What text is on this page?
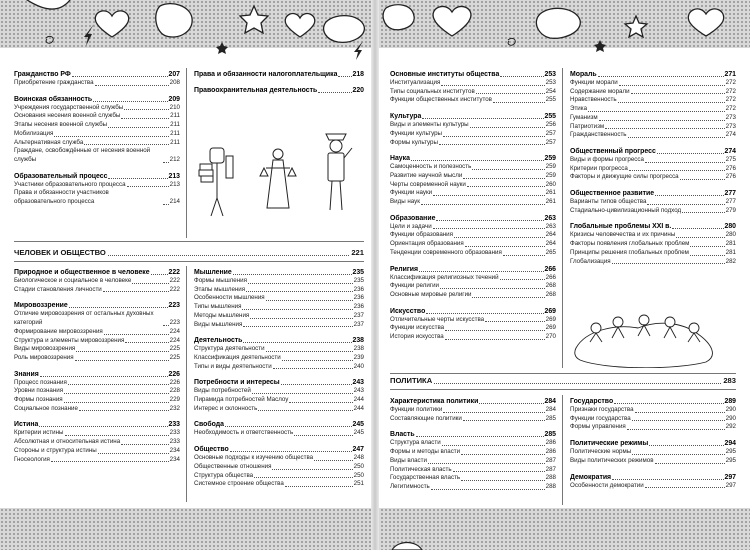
Гражданство РФ	207
Приобретение гражданства	208
Воинская обязанность	209
Учреждения государственной службы	210
Основания несения военной службы	211
Этапы несения военной службы	211
Мобилизация	211
Альтернативная служба	211
Граждане, освобождённые от несения военной службы	212
Образовательный процесс	213
Участники образовательного процесса	213
Права и обязанности участников образовательного процесса	214
Права и обязанности налогоплательщика 218
Правоохранительная деятельность	220
ЧЕЛОВЕК И ОБЩЕСТВО	221
Природное и общественное в человеке	222
Биологическое и социальное в человеке	222
Стадии становления личности	222
Мировоззрение	223
Отличие мировоззрения от остальных духовных категорий	223
Формирование мировоззрения	224
Структура и элементы мировоззрения	224
Виды мировоззрения	225
Роль мировоззрения	225
Знания	226
Процесс познания	226
Уровни познания	228
Формы познания	229
Социальное познание	232
Истина	233
Критерии истины	233
Абсолютная и относительная истина	233
Стороны и структура истины	234
Гносеология	234
Мышление	235
Формы мышления	235
Этапы мышления	236
Особенности мышления	236
Типы мышления	236
Методы мышления	237
Виды мышления	237
Деятельность	238
Структура деятельности	238
Классификация деятельности	239
Типы и виды деятельности	240
Потребности и интересы	243
Виды потребностей	243
Пирамида потребностей Маслоу	244
Интерес и склонность	244
Свобода	245
Необходимость и ответственность	245
Общество	247
Основные подходы к изучению общества	248
Общественные отношения	250
Структура общества	250
Системное строение общества	251
Основные институты общества	253
Институализация	253
Типы социальных институтов	254
Функции общественных институтов	255
Культура	255
Виды и элементы культуры	256
Функции культуры	257
Формы культуры	257
Наука	259
Самоценность и полезность	259
Развитие научной мысли	259
Черты современной науки	260
Функции науки	261
Виды наук	261
Образование	263
Цели и задачи	263
Функции образования	264
Ориентация образования	264
Тенденции современного образования	265
Религия	266
Классификация религиозных течений	266
Функции религии	268
Основные мировые религии	268
Искусство	269
Отличительные черты искусства	269
Функции искусства	269
История искусства	270
Мораль	271
Функции морали	272
Содержание морали	272
Нравственность	272
Этика	272
Гуманизм	273
Патриотизм	273
Гражданственность	274
Общественный прогресс	274
Виды и формы прогресса	275
Критерии прогресса	276
Факторы и движущие силы прогресса	276
Общественное развитие	277
Варианты типов общества	277
Стадиально-цивилизационный подход	279
Глобальные проблемы XXI в.	280
Кризисы человечества и их причины	280
Факторы появления глобальных проблем	281
Принципы решения глобальных проблем	281
Глобализация	282
ПОЛИТИКА	283
Характеристика политики	284
Функции политики	284
Составляющие политики	285
Власть	285
Структура власти	286
Формы и методы власти	286
Виды власти	287
Политическая власть	287
Государственная власть	288
Легитимность	288
Государство	289
Признаки государства	290
Функции государства	290
Формы управления	292
Политические режимы	294
Политические нормы	295
Виды политических режимов	295
Демократия	297
Особенности демократии	297
